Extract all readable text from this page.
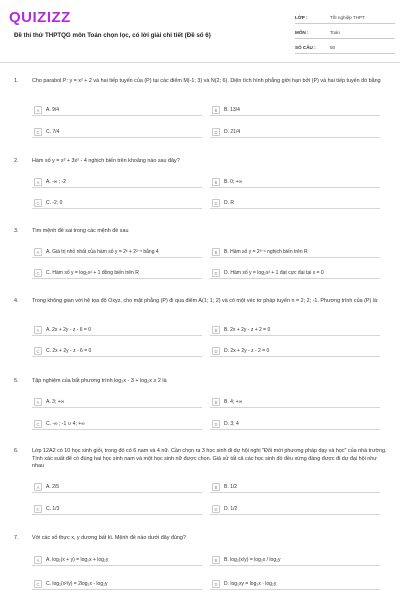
QUIZIZZ
Đề thi thử THPTQG môn Toán chọn lọc, có lời giải chi tiết (Đề số 6)
LỚP :	Tốt nghiệp THPT
MÔN :	Toán
SỐ CÂU :	50
1.	Cho parabol P: y = x² + 2 và hai tiếp tuyến của (P) tại các điểm M(-1; 3) và N(2; 6). Diện tích hình phẳng giới hạn bởi (P) và hai tiếp tuyến đó bằng
A	A. 9/4	B	B. 13/4
C	C. 7/4	D	D. 21/4
2.	Hàm số y = x³ + 3x² - 4 nghịch biến trên khoảng nào sau đây?
A	A. -∞ ; -2	B	B. 0; +∞
C	C. -2; 0	D	D. R
3.	Tìm mệnh đề sai trong các mệnh đề sau
A	A. Giá trị nhỏ nhất của hàm số y = 2ˣ + 2²⁻ˣ bằng 4	B	B. Hàm số y = 2³⁻ˣ nghịch biến trên R
C	C. Hàm số y = log₂x² + 1 đồng biến trên R	D	D. Hàm số y = log₂x² + 1 đạt cực đại tại x = 0
4.	Trong không gian với hệ tọa độ Oxyz, cho mặt phẳng (P) đi qua điểm A(1; 1; 2) và có một véc tơ pháp tuyến n = 2; 2; -1. Phương trình của (P) là:
A	A. 2x + 2y - z - 6 = 0	B	B. 2x + 2y - z + 2 = 0
C	C. 2x + 2y - z - 6 = 0	D	D. 2x + 2y - z - 2 = 0
5.	Tập nghiệm của bất phương trình log₂x - 3 + log₂x ≥ 2 là
A	A. 3; +∞	B	B. 4; +∞
C	C. -∞ ; -1 ∪ 4; +∞	D	D. 3; 4
6.	Lớp 12A2 có 10 học sinh giỏi, trong đó có 6 nam và 4 nữ. Cần chọn ra 3 học sinh đi dự hội nghị "Đổi mới phương pháp dạy và học" của nhà trường. Tính xác suất để có đúng hai học sinh nam và một học sinh nữ được chọn. Giả sử tất cả các học sinh đó đều xứng đáng được đi dự đại hội như nhau
A	A. 2/5	B	B. 1/2
C	C. 1/3	D	D. 1/2
7.	Với các số thực x, y dương bất kì. Mệnh đề nào dưới đây đúng?
A	A. log₂(x + y) = log₂x + log₂y	B	B. log₂(x/y) = log₂x / log₂y
C	C. log₂(x²/y) = 2log₂x - log₂y	D	D. log₂xy = log₂x · log₂y
